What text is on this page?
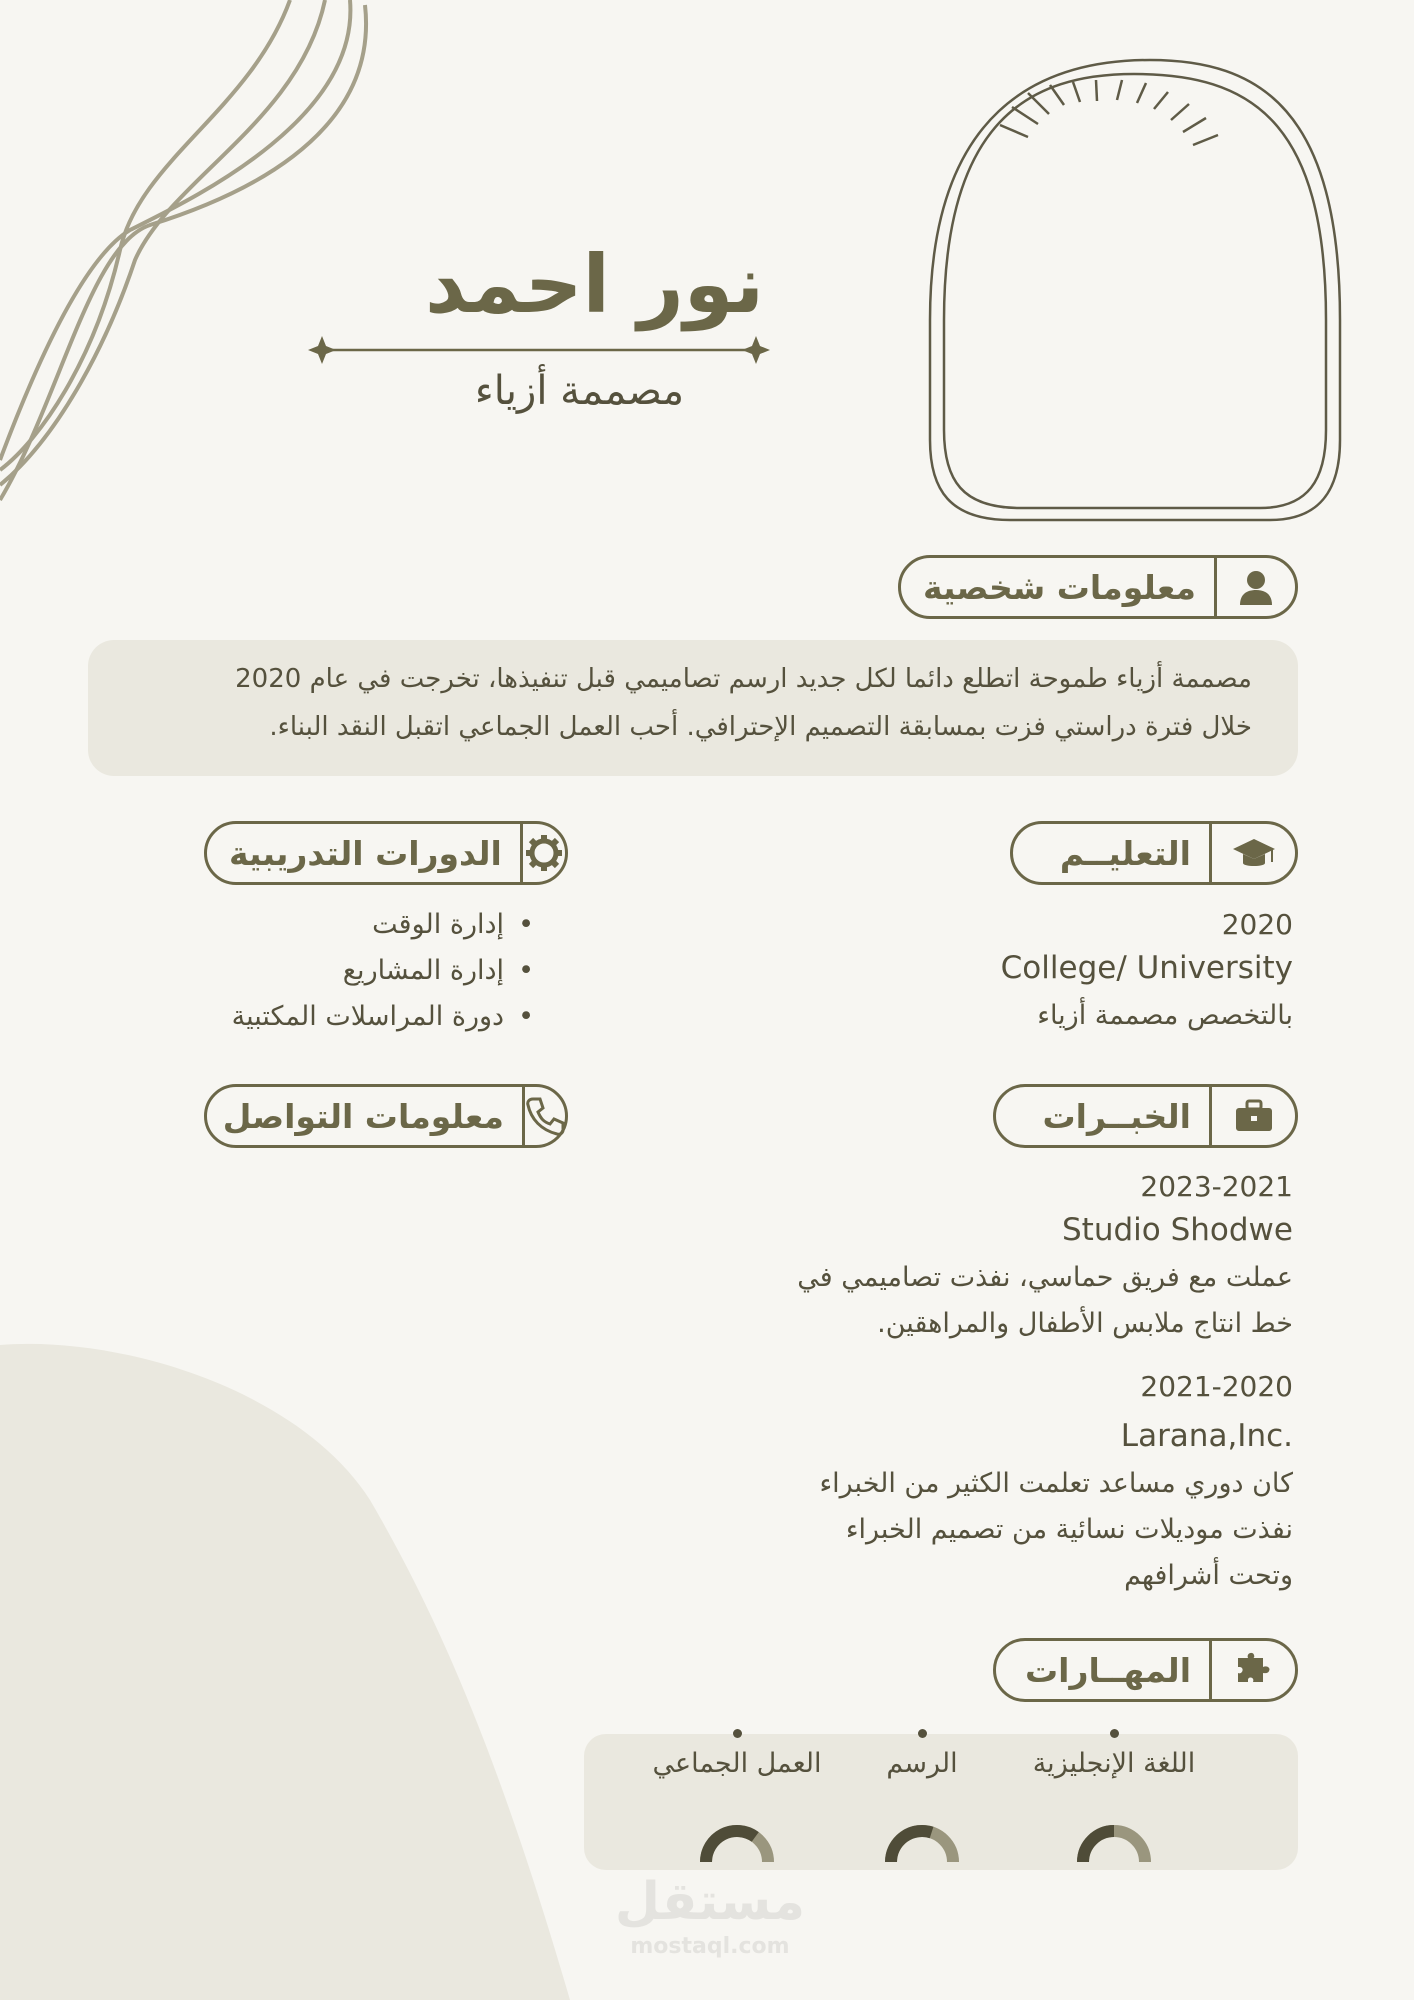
نور احمد
مصممة أزياء
معلومات شخصية
مصممة أزياء طموحة اتطلع دائما لكل جديد ارسم تصاميمي قبل تنفيذها، تخرجت في عام 2020
خلال فترة دراستي فزت بمسابقة التصميم الإحترافي. أحب العمل الجماعي اتقبل النقد البناء.
التعليــم
الدورات التدريبية
2020
College/ University
بالتخصص مصممة أزياء
• إدارة الوقت
• إدارة المشاريع
• دورة المراسلات المكتبية
الخبــرات
معلومات التواصل
2023-2021
Studio Shodwe
عملت مع فريق حماسي، نفذت تصاميمي في
خط انتاج ملابس الأطفال والمراهقين.
2021-2020
Larana,Inc.
كان دوري مساعد تعلمت الكثير من الخبراء
نفذت موديلات نسائية من تصميم الخبراء
وتحت أشرافهم
المهــارات
اللغة الإنجليزية
الرسم
العمل الجماعي
مستقل
mostaql.com
